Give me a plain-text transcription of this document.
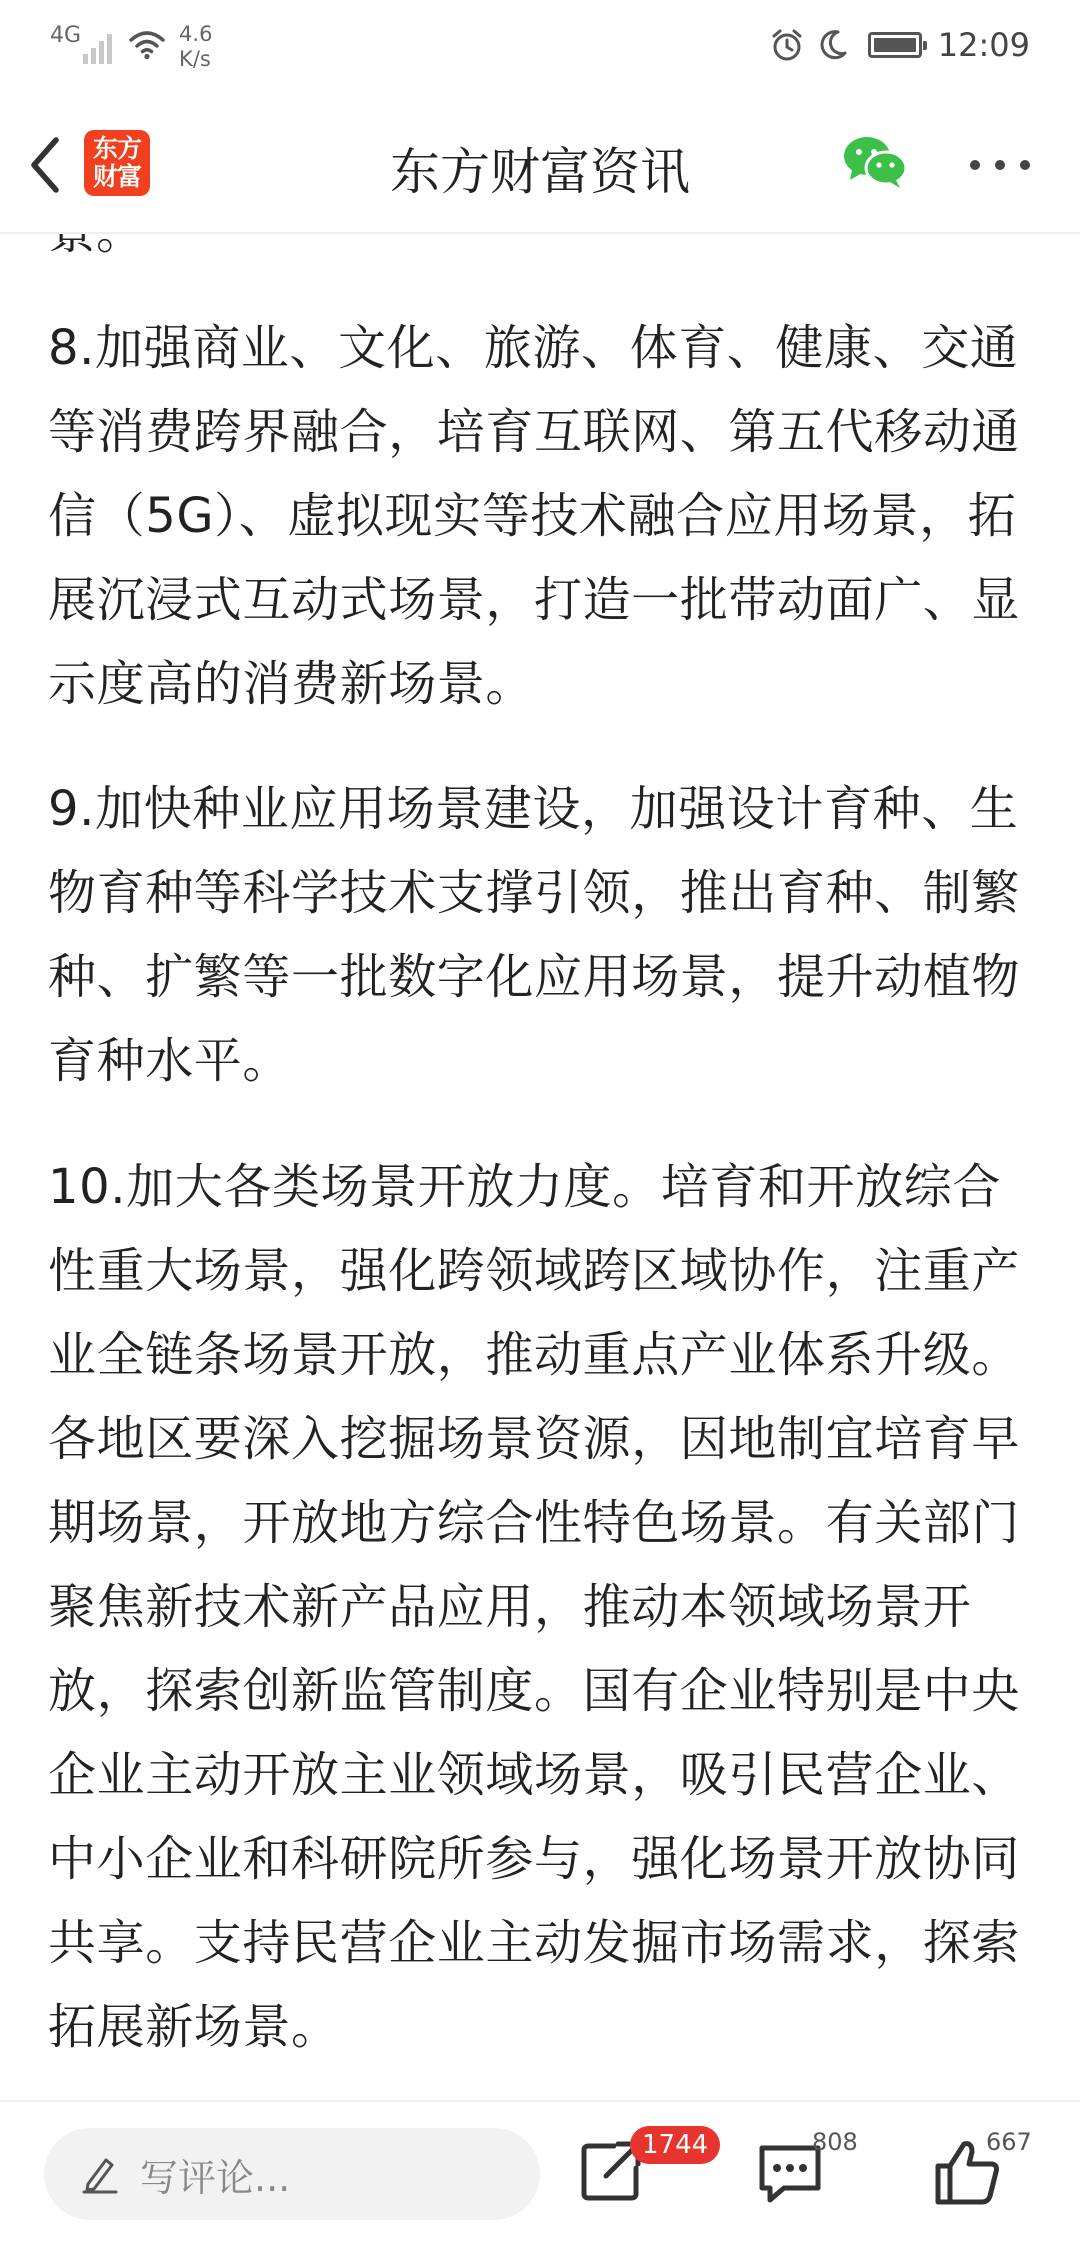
8.加强商业、文化、旅游、体育、健康、交通等消费跨界融合，培育互联网、第五代移动通信（5G）、虚拟现实等技术融合应用场景，拓展沉浸式互动式场景，打造一批带动面广、显示度高的消费新场景。

9.加快种业应用场景建设，加强设计育种、生物育种等科学技术支撑引领，推出育种、制繁种、扩繁等一批数字化应用场景，提升动植物育种水平。

10.加大各类场景开放力度。培育和开放综合性重大场景，强化跨领域跨区域协作，注重产业全链条场景开放，推动重点产业体系升级。各地区要深入挖掘场景资源，因地制宜培育早期场景，开放地方综合性特色场景。有关部门聚焦新技术新产品应用，推动本领域场景开放，探索创新监管制度。国有企业特别是中央企业主动开放主业领域场景，吸引民营企业、中小企业和科研院所参与，强化场景开放协同共享。支持民营企业主动发掘市场需求，探索拓展新场景。

4G	4.6
K/s	12:09
东方
财富	东方财富资讯
写评论...
1744	808	667
